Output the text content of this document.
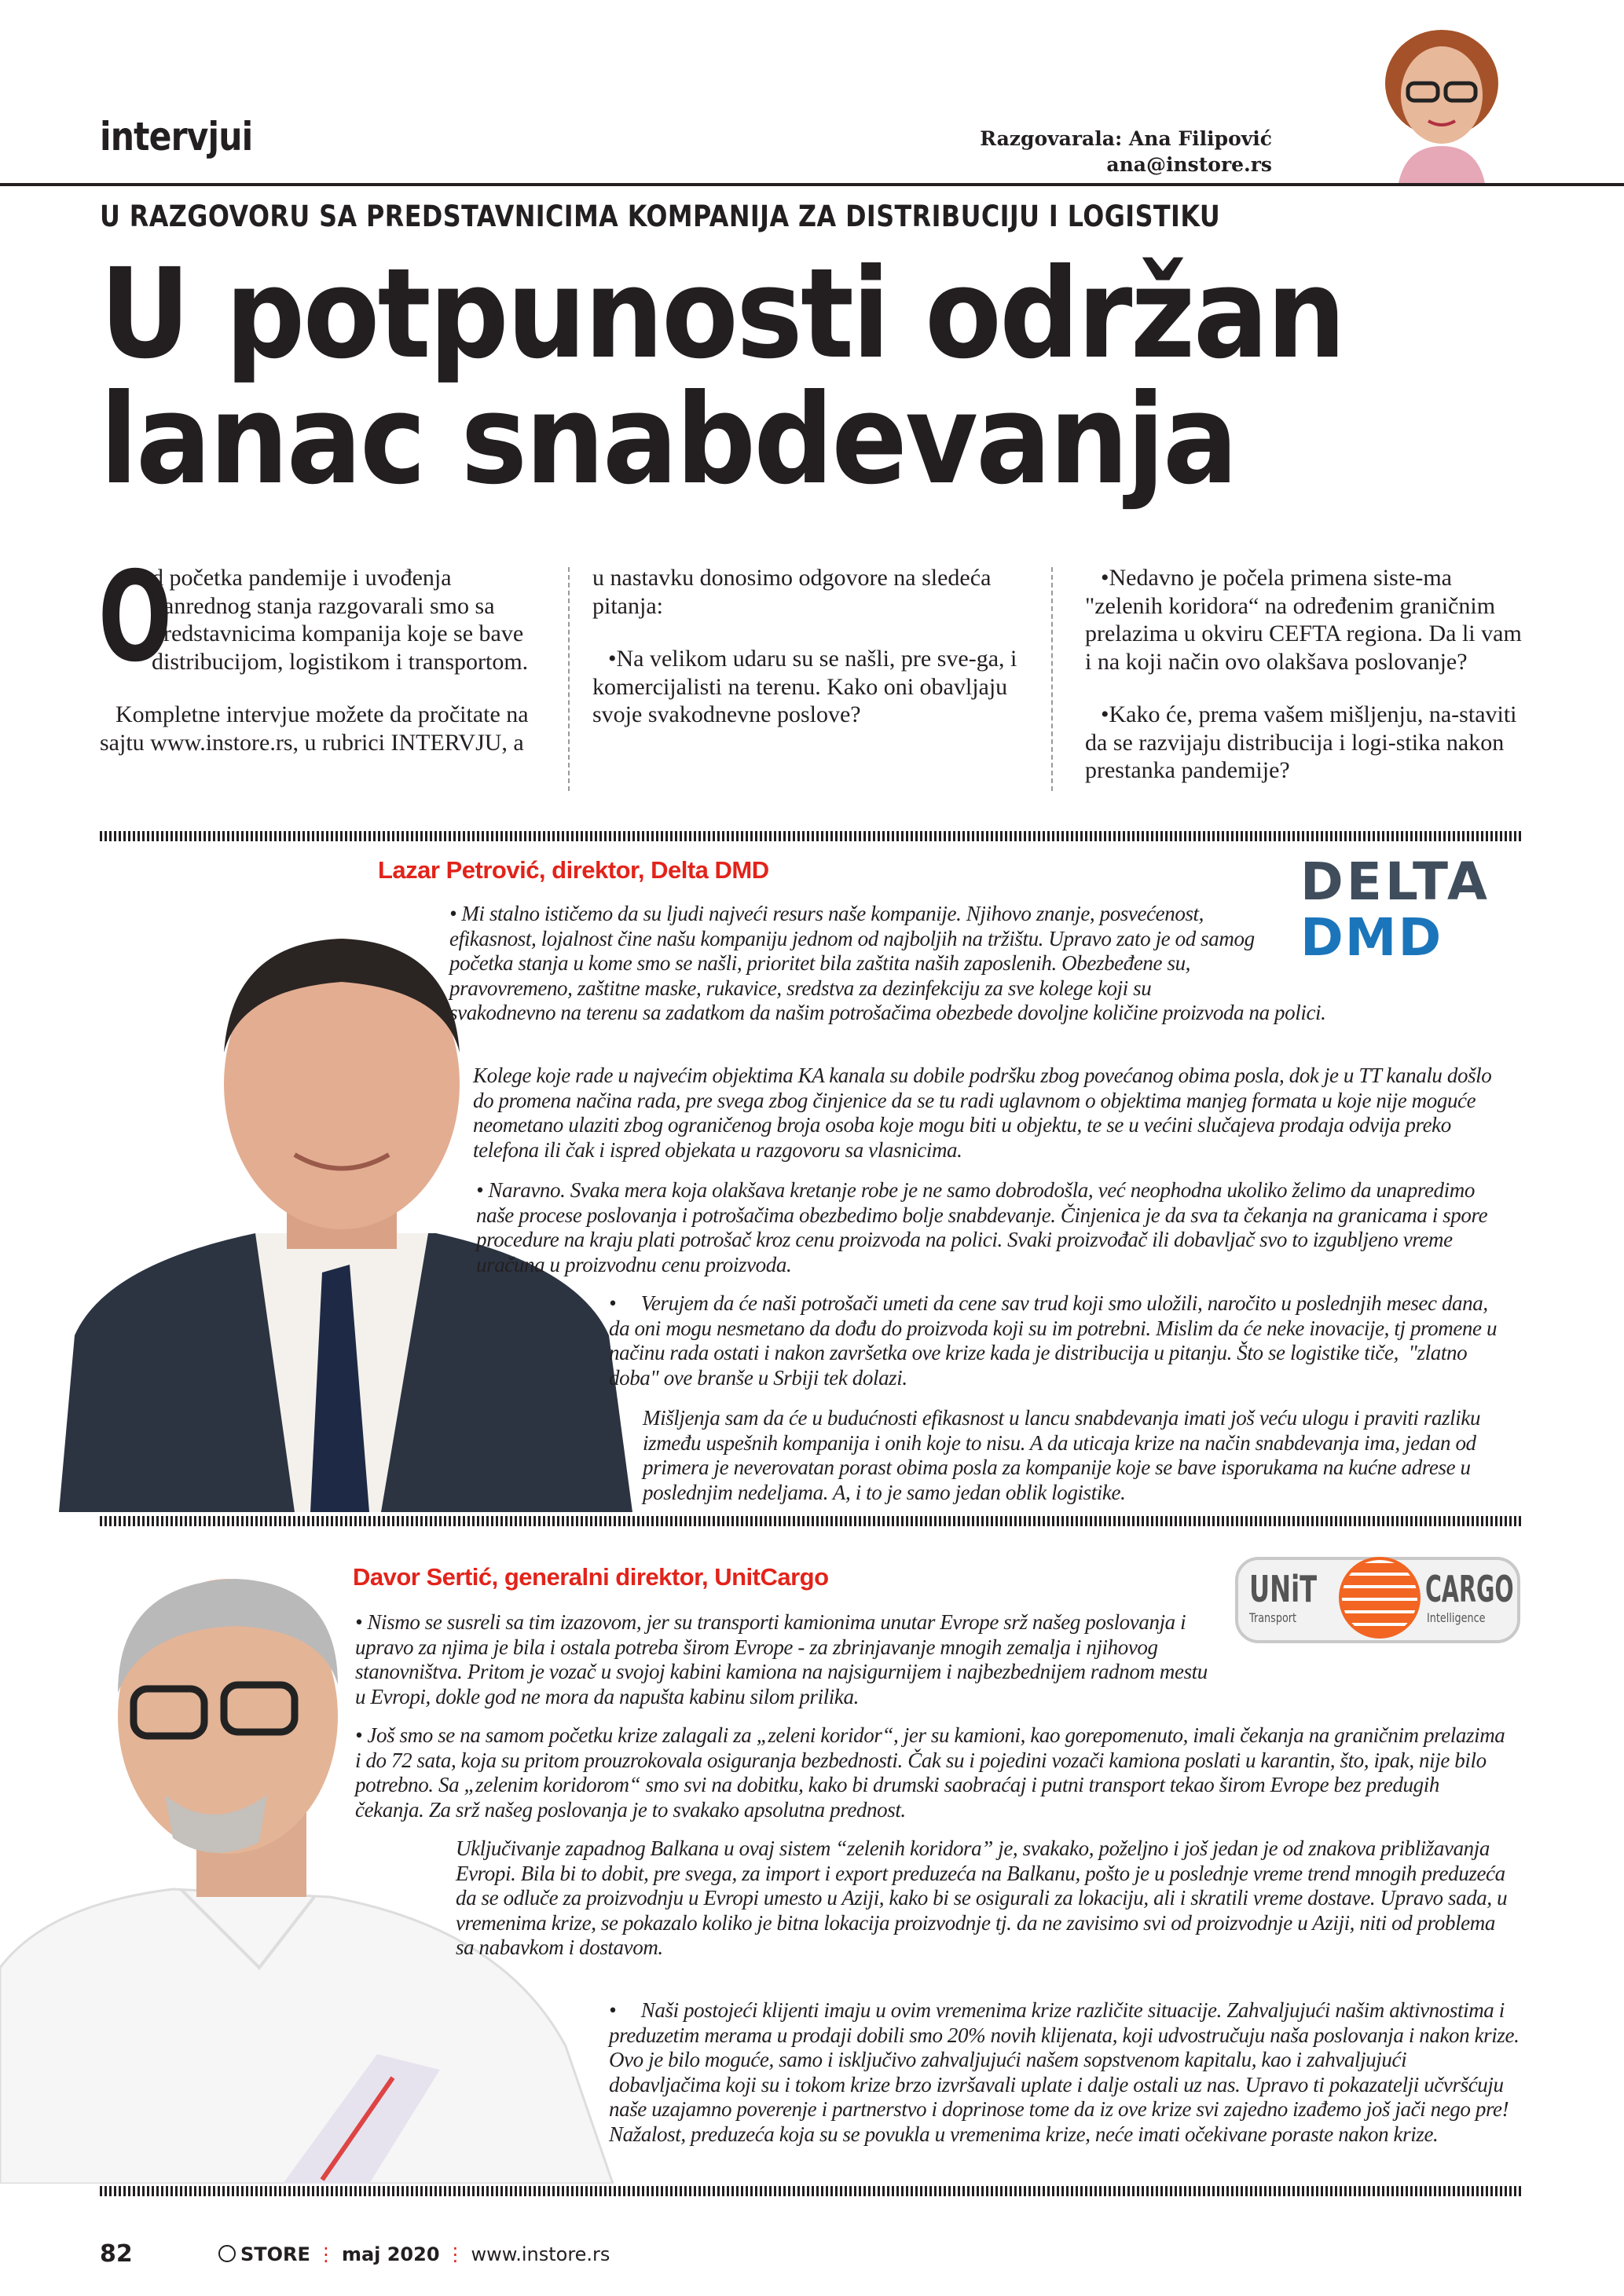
intervjui	Razgovarala: Ana Filipović
ana@instore.rs
U RAZGOVORU SA PREDSTAVNICIMA KOMPANIJA ZA DISTRIBUCIJU I LOGISTIKU
U potpunosti održan
lanac snabdevanja

O
d početka pandemije i uvođenja vanrednog stanja razgovarali smo sa predstavnicima kompanija koje se bave distribucijom, logistikom i transportom.

Kompletne intervjue možete da pročitate na sajtu www.instore.rs, u rubrici INTERVJU, a u nastavku donosimo odgovore na sledeća pitanja:

•Na velikom udaru su se našli, pre sve-ga, i komercijalisti na terenu. Kako oni obavljaju svoje svakodnevne poslove?

•Nedavno je počela primena siste-ma "zelenih koridora“ na određenim graničnim prelazima u okviru CEFTA regiona. Da li vam i na koji način ovo olakšava poslovanje?

•Kako će, prema vašem mišljenju, na-staviti da se razvijaju distribucija i logi-stika nakon prestanka pandemije?

Lazar Petrović, direktor, Delta DMD	DELTA
DMD

• Mi stalno ističemo da su ljudi najveći resurs naše kompanije. Njihovo znanje, posvećenost, efikasnost, lojalnost čine našu kompaniju jednom od najboljih na tržištu. Upravo zato je od samog početka stanja u kome smo se našli, prioritet bila zaštita naših zaposlenih. Obezbeđene su, pravovremeno, zaštitne maske, rukavice, sredstva za dezinfekciju za sve kolege koji su svakodnevno na terenu sa zadatkom da našim potrošačima obezbede dovoljne količine proizvoda na polici.

Kolege koje rade u najvećim objektima KA kanala su dobile podršku zbog povećanog obima posla, dok je u TT kanalu došlo do promena načina rada, pre svega zbog činjenice da se tu radi uglavnom o objektima manjeg formata u koje nije moguće neometano ulaziti zbog ograničenog broja osoba koje mogu biti u objektu, te se u većini slučajeva prodaja odvija preko telefona ili čak i ispred objekata u razgovoru sa vlasnicima.

• Naravno. Svaka mera koja olakšava kretanje robe je ne samo dobrodošla, već neophodna ukoliko želimo da unapredimo naše procese poslovanja i potrošačima obezbedimo bolje snabdevanje. Činjenica je da sva ta čekanja na granicama i spore procedure na kraju plati potrošač kroz cenu proizvoda na polici. Svaki proizvođač ili dobavljač svo to izgubljeno vreme uračuna u proizvodnu cenu proizvoda.

•     Verujem da će naši potrošači umeti da cene sav trud koji smo uložili, naročito u poslednjih mesec dana, da oni mogu nesmetano da dođu do proizvoda koji su im potrebni. Mislim da će neke inovacije, tj promene u načinu rada ostati i nakon završetka ove krize kada je distribucija u pitanju. Što se logistike tiče,  "zlatno doba" ove branše u Srbiji tek dolazi.

Mišljenja sam da će u budućnosti efikasnost u lancu snabdevanja imati još veću ulogu i praviti razliku između uspešnih kompanija i onih koje to nisu. A da uticaja krize na način snabdevanja ima, jedan od primera je neverovatan porast obima posla za kompanije koje se bave isporukama na kućne adrese u poslednjim nedeljama. A, i to je samo jedan oblik logistike.

Davor Sertić, generalni direktor, UnitCargo	UNiT
Transport
CARGO
Intelligence

• Nismo se susreli sa tim izazovom, jer su transporti kamionima unutar Evrope srž našeg poslovanja i upravo za njima je bila i ostala potreba širom Evrope - za zbrinjavanje mnogih zemalja i njihovog stanovništva. Pritom je vozač u svojoj kabini kamiona na najsigurnijem i najbezbednijem radnom mestu u Evropi, dokle god ne mora da napušta kabinu silom prilika.

• Još smo se na samom početku krize zalagali za „zeleni koridor“, jer su kamioni, kao gorepomenuto, imali čekanja na graničnim prelazima i do 72 sata, koja su pritom prouzrokovala osiguranja bezbednosti. Čak su i pojedini vozači kamiona poslati u karantin, što, ipak, nije bilo potrebno. Sa „zelenim koridorom“ smo svi na dobitku, kako bi drumski saobraćaj i putni transport tekao širom Evrope bez predugih čekanja. Za srž našeg poslovanja je to svakako apsolutna prednost.

Uključivanje zapadnog Balkana u ovaj sistem “zelenih koridora” je, svakako, poželjno i još jedan je od znakova približavanja Evropi. Bila bi to dobit, pre svega, za import i export preduzeća na Balkanu, pošto je u poslednje vreme trend mnogih preduzeća da se odluče za proizvodnju u Evropi umesto u Aziji, kako bi se osigurali za lokaciju, ali i skratili vreme dostave. Upravo sada, u vremenima krize, se pokazalo koliko je bitna lokacija proizvodnje tj. da ne zavisimo svi od proizvodnje u Aziji, niti od problema sa nabavkom i dostavom.

•     Naši postojeći klijenti imaju u ovim vremenima krize različite situacije. Zahvaljujući našim aktivnostima i preduzetim merama u prodaji dobili smo 20% novih klijenata, koji udvostručuju naša poslovanja i nakon krize. Ovo je bilo moguće, samo i isključivo zahvaljujući našem sopstvenom kapitalu, kao i zahvaljujući dobavljačima koji su i tokom krize brzo izvršavali uplate i dalje ostali uz nas. Upravo ti pokazatelji učvršćuju naše uzajamno poverenje i partnerstvo i doprinose tome da iz ove krize svi zajedno izađemo još jači nego pre! Nažalost, preduzeća koja su se povukla u vremenima krize, neće imati očekivane poraste nakon krize.

82	STORE ⋮ maj 2020 ⋮ www.instore.rs
